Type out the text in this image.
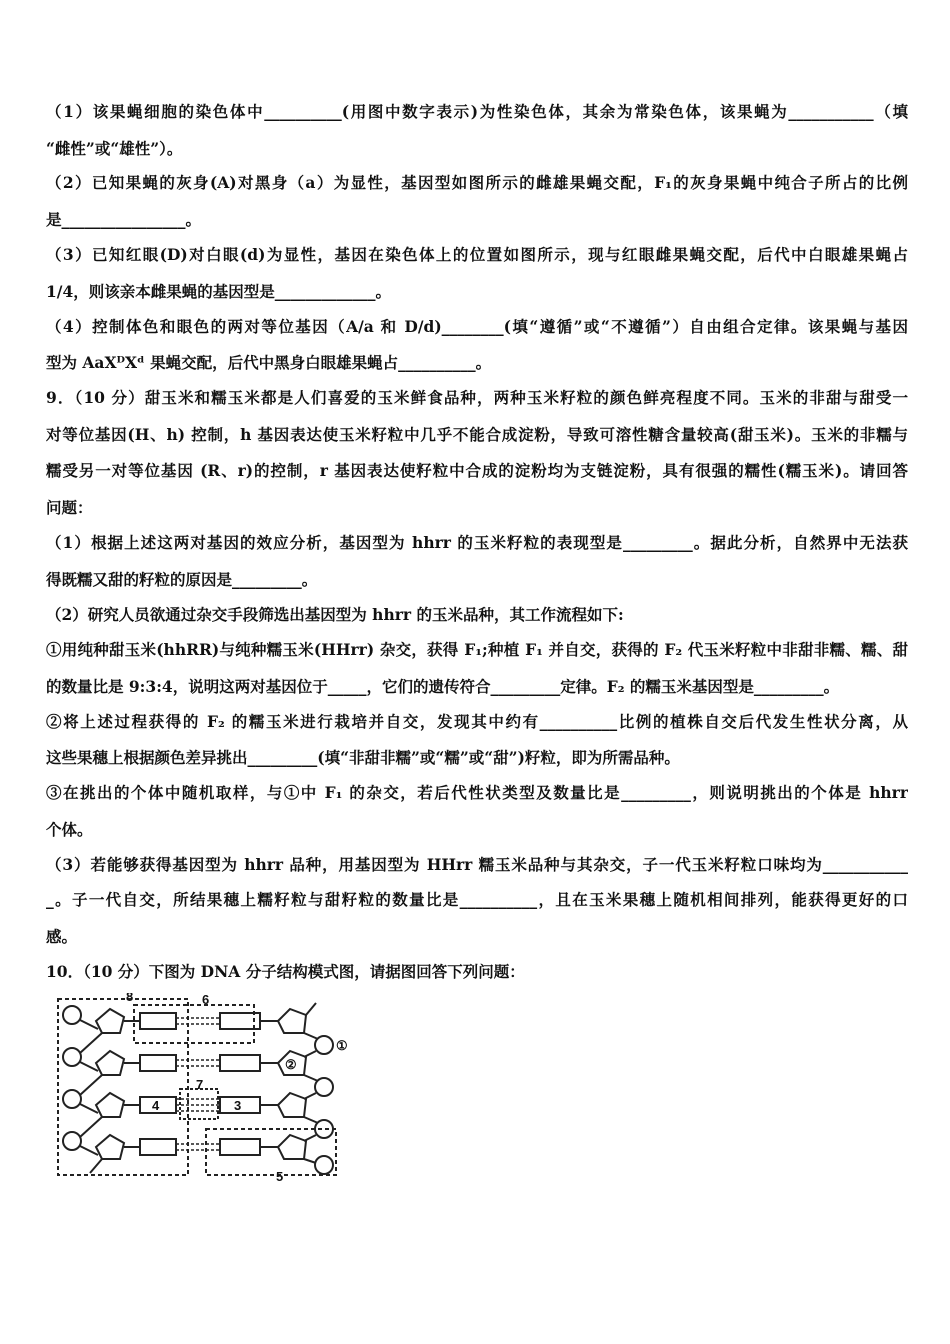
（1）该果蝇细胞的染色体中__________(用图中数字表示)为性染色体，其余为常染色体，该果蝇为___________（填
“雌性”或“雄性”）。
（2）已知果蝇的灰身(A)对黑身（a）为显性，基因型如图所示的雌雄果蝇交配，F₁的灰身果蝇中纯合子所占的比例
是________________。
（3）已知红眼(D)对白眼(d)为显性，基因在染色体上的位置如图所示，现与红眼雌果蝇交配，后代中白眼雄果蝇占
1/4，则该亲本雌果蝇的基因型是_____________。
（4）控制体色和眼色的两对等位基因（A/a 和 D/d)________(填“遵循”或“不遵循”）自由组合定律。该果蝇与基因
型为 AaXᴰXᵈ 果蝇交配，后代中黑身白眼雄果蝇占__________。
9．（10 分）甜玉米和糯玉米都是人们喜爱的玉米鲜食品种，两种玉米籽粒的颜色鲜亮程度不同。玉米的非甜与甜受一
对等位基因(H、h) 控制，h 基因表达使玉米籽粒中几乎不能合成淀粉，导致可溶性糖含量较高(甜玉米)。玉米的非糯与
糯受另一对等位基因 (R、r)的控制，r 基因表达使籽粒中合成的淀粉均为支链淀粉，具有很强的糯性(糯玉米)。请回答
问题：
（1）根据上述这两对基因的效应分析，基因型为 hhrr 的玉米籽粒的表现型是_________。据此分析，自然界中无法获
得既糯又甜的籽粒的原因是_________。
（2）研究人员欲通过杂交手段筛选出基因型为 hhrr 的玉米品种，其工作流程如下:
①用纯种甜玉米(hhRR)与纯种糯玉米(HHrr) 杂交，获得 F₁;种植 F₁ 并自交，获得的 F₂ 代玉米籽粒中非甜非糯、糯、甜
的数量比是 9:3:4，说明这两对基因位于_____，它们的遗传符合_________定律。F₂ 的糯玉米基因型是_________。
②将上述过程获得的 F₂ 的糯玉米进行栽培并自交，发现其中约有__________比例的植株自交后代发生性状分离，从
这些果穗上根据颜色差异挑出_________(填“非甜非糯”或“糯”或“甜”)籽粒，即为所需品种。
③在挑出的个体中随机取样，与①中 F₁ 的杂交，若后代性状类型及数量比是_________，则说明挑出的个体是 hhrr
个体。
（3）若能够获得基因型为 hhrr 品种，用基因型为 HHrr 糯玉米品种与其杂交，子一代玉米籽粒口味均为___________
_。子一代自交，所结果穗上糯籽粒与甜籽粒的数量比是__________，且在玉米果穗上随机相间排列，能获得更好的口
感。
10．（10 分）下图为 DNA 分子结构模式图，请据图回答下列问题：
8	6
①
②
7
4	3
5
